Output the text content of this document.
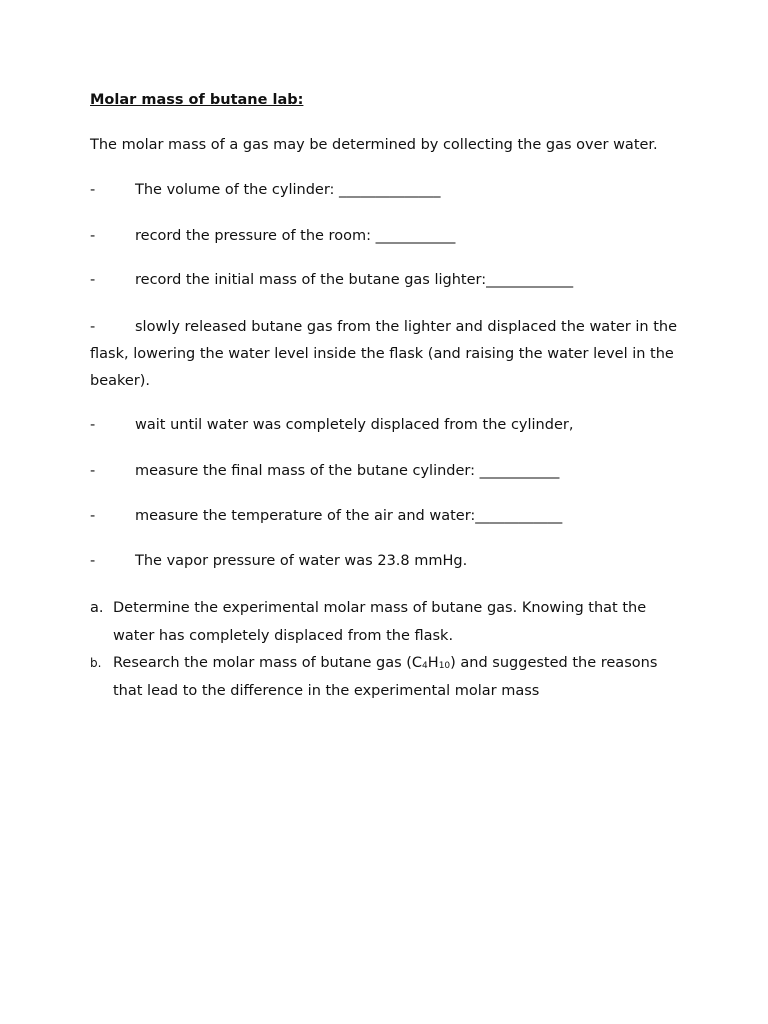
Molar mass of butane lab:
The molar mass of a gas may be determined by collecting the gas over water.
-	The volume of the cylinder: ______________
-	record the pressure of the room: ___________
-	record the initial mass of the butane gas lighter:____________
-	slowly released butane gas from the lighter and displaced the water in the flask, lowering the water level inside the flask (and raising the water level in the beaker).
-	wait until water was completely displaced from the cylinder,
-	measure the final mass of the butane cylinder: ___________
-	measure the temperature of the air and water:____________
-	The vapor pressure of water was 23.8 mmHg.
a. Determine the experimental molar mass of butane gas. Knowing that the water has completely displaced from the flask.
b. Research the molar mass of butane gas $(C_4H_{10})$ and suggested the reasons that lead to the difference in the experimental molar mass
